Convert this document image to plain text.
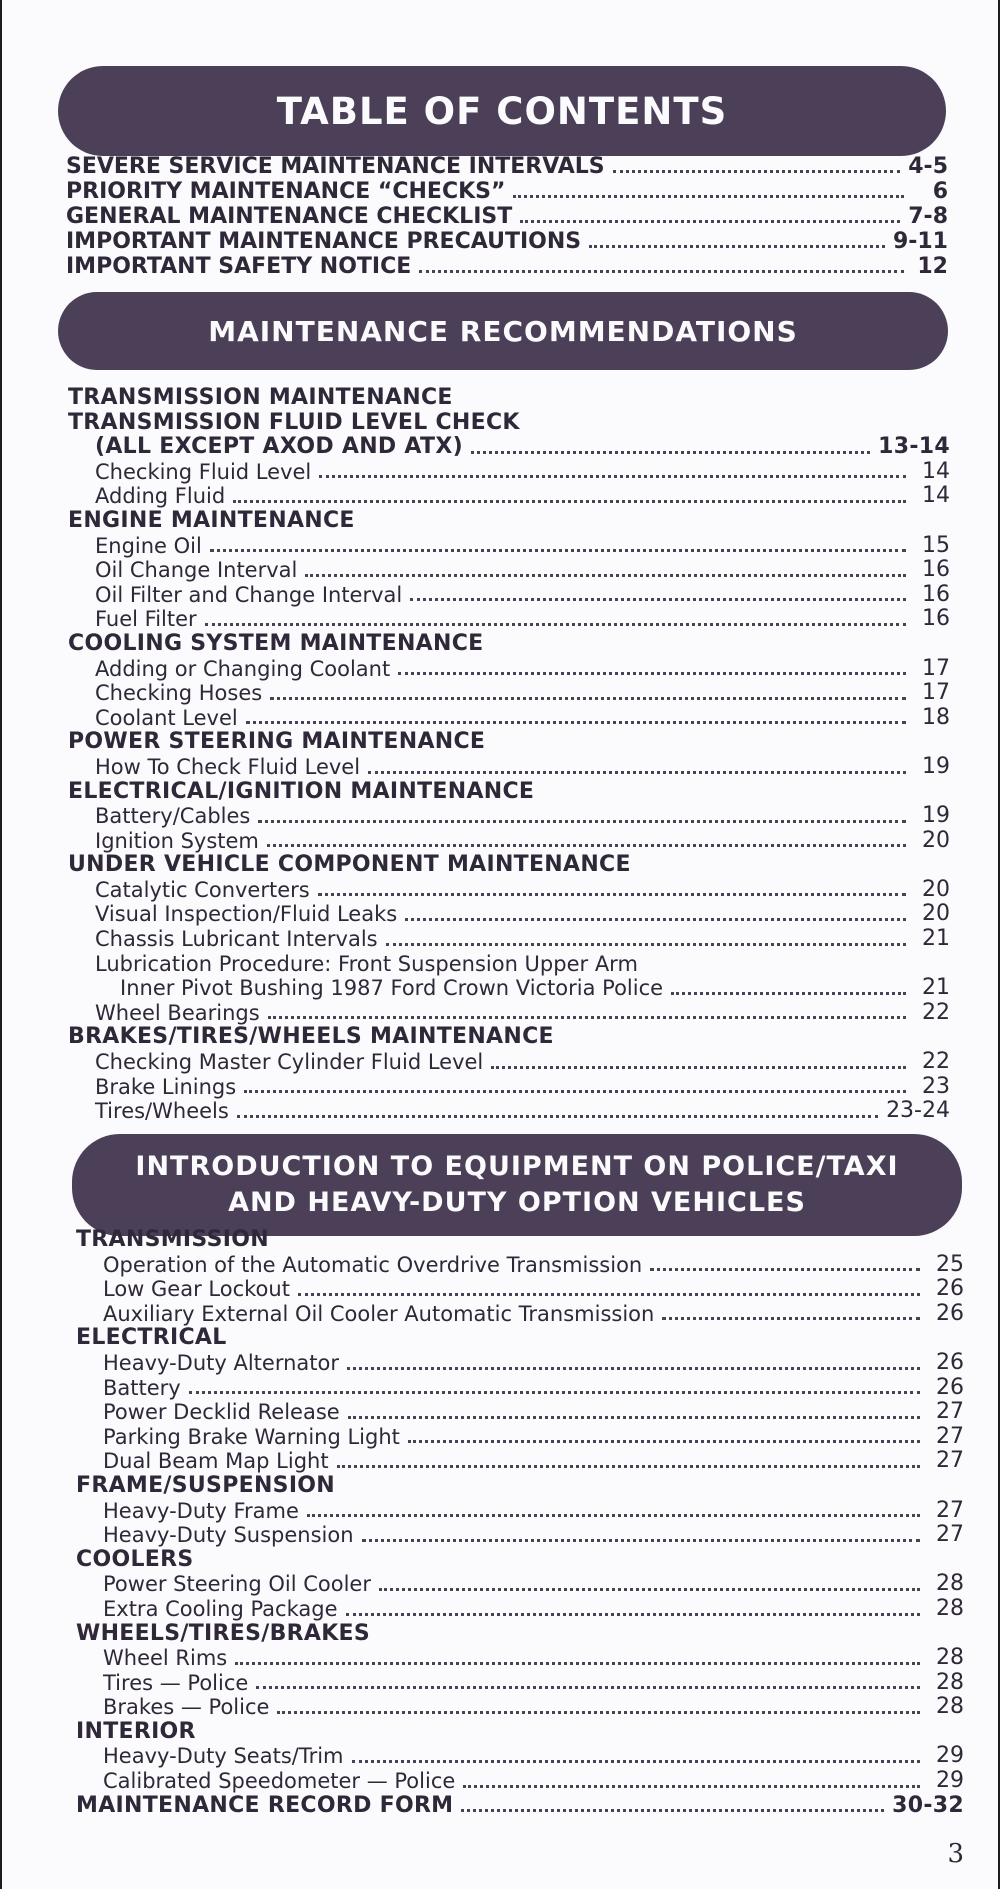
TABLE OF CONTENTS
SEVERE SERVICE MAINTENANCE INTERVALS	4-5
PRIORITY MAINTENANCE “CHECKS”	6
GENERAL MAINTENANCE CHECKLIST	7-8
IMPORTANT MAINTENANCE PRECAUTIONS	9-11
IMPORTANT SAFETY NOTICE	12
MAINTENANCE RECOMMENDATIONS
TRANSMISSION MAINTENANCE
TRANSMISSION FLUID LEVEL CHECK
(ALL EXCEPT AXOD AND ATX)	13-14
Checking Fluid Level	14
Adding Fluid	14
ENGINE MAINTENANCE
Engine Oil	15
Oil Change Interval	16
Oil Filter and Change Interval	16
Fuel Filter	16
COOLING SYSTEM MAINTENANCE
Adding or Changing Coolant	17
Checking Hoses	17
Coolant Level	18
POWER STEERING MAINTENANCE
How To Check Fluid Level	19
ELECTRICAL/IGNITION MAINTENANCE
Battery/Cables	19
Ignition System	20
UNDER VEHICLE COMPONENT MAINTENANCE
Catalytic Converters	20
Visual Inspection/Fluid Leaks	20
Chassis Lubricant Intervals	21
Lubrication Procedure: Front Suspension Upper Arm
Inner Pivot Bushing 1987 Ford Crown Victoria Police	21
Wheel Bearings	22
BRAKES/TIRES/WHEELS MAINTENANCE
Checking Master Cylinder Fluid Level	22
Brake Linings	23
Tires/Wheels	23-24
INTRODUCTION TO EQUIPMENT ON POLICE/TAXI
AND HEAVY-DUTY OPTION VEHICLES
TRANSMISSION
Operation of the Automatic Overdrive Transmission	25
Low Gear Lockout	26
Auxiliary External Oil Cooler Automatic Transmission	26
ELECTRICAL
Heavy-Duty Alternator	26
Battery	26
Power Decklid Release	27
Parking Brake Warning Light	27
Dual Beam Map Light	27
FRAME/SUSPENSION
Heavy-Duty Frame	27
Heavy-Duty Suspension	27
COOLERS
Power Steering Oil Cooler	28
Extra Cooling Package	28
WHEELS/TIRES/BRAKES
Wheel Rims	28
Tires — Police	28
Brakes — Police	28
INTERIOR
Heavy-Duty Seats/Trim	29
Calibrated Speedometer — Police	29
MAINTENANCE RECORD FORM	30-32
3
